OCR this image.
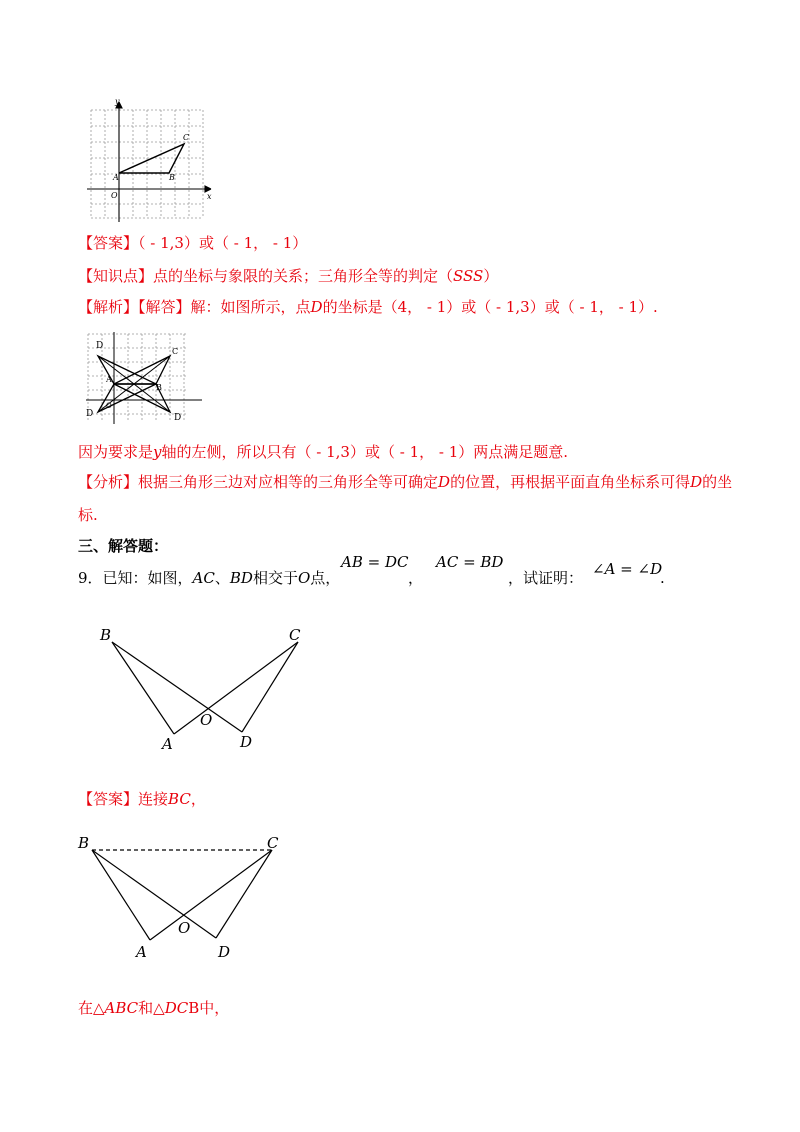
y
x
O
A	B
C
【答案】（ - 1,3）或（ - 1， - 1）
【知识点】点的坐标与象限的关系；三角形全等的判定（SSS）
【解析】【解答】解：如图所示，点D的坐标是（4， - 1）或（ - 1,3）或（ - 1， - 1）.
D
C
A
B
D	D
O
因为要求是y轴的左侧，所以只有（ - 1,3）或（ - 1， - 1）两点满足题意.
【分析】根据三角形三边对应相等的三角形全等可确定D的位置，再根据平面直角坐标系可得D的坐
标.
三、解答题：
9．已知：如图，AC、BD相交于O点，
AB = DC
，
AC = BD
，试证明： ∠A = ∠D
.
B	C
O
A	D
【答案】连接BC，
B	C
O
A	D
在△ABC和△DCB中，
